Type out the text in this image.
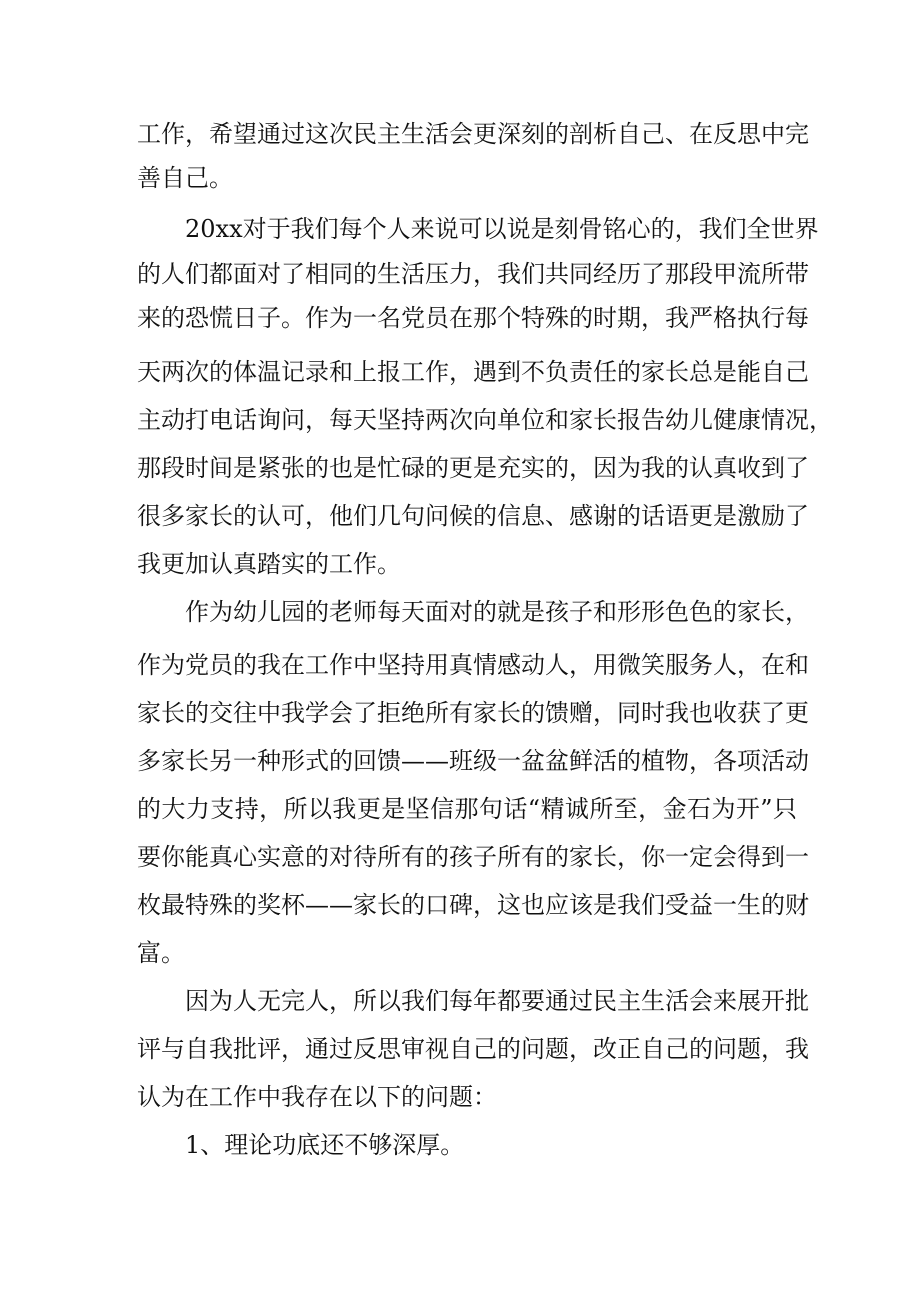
工作，希望通过这次民主生活会更深刻的剖析自己、在反思中完
善自己。
20xx对于我们每个人来说可以说是刻骨铭心的，我们全世界
的人们都面对了相同的生活压力，我们共同经历了那段甲流所带
来的恐慌日子。作为一名党员在那个特殊的时期，我严格执行每
天两次的体温记录和上报工作，遇到不负责任的家长总是能自己
主动打电话询问，每天坚持两次向单位和家长报告幼儿健康情况，
那段时间是紧张的也是忙碌的更是充实的，因为我的认真收到了
很多家长的认可，他们几句问候的信息、感谢的话语更是激励了
我更加认真踏实的工作。
作为幼儿园的老师每天面对的就是孩子和形形色色的家长，
作为党员的我在工作中坚持用真情感动人，用微笑服务人，在和
家长的交往中我学会了拒绝所有家长的馈赠，同时我也收获了更
多家长另一种形式的回馈——班级一盆盆鲜活的植物，各项活动
的大力支持，所以我更是坚信那句话“精诚所至，金石为开”只
要你能真心实意的对待所有的孩子所有的家长，你一定会得到一
枚最特殊的奖杯——家长的口碑，这也应该是我们受益一生的财
富。
因为人无完人，所以我们每年都要通过民主生活会来展开批
评与自我批评，通过反思审视自己的问题，改正自己的问题，我
认为在工作中我存在以下的问题：
1、理论功底还不够深厚。
